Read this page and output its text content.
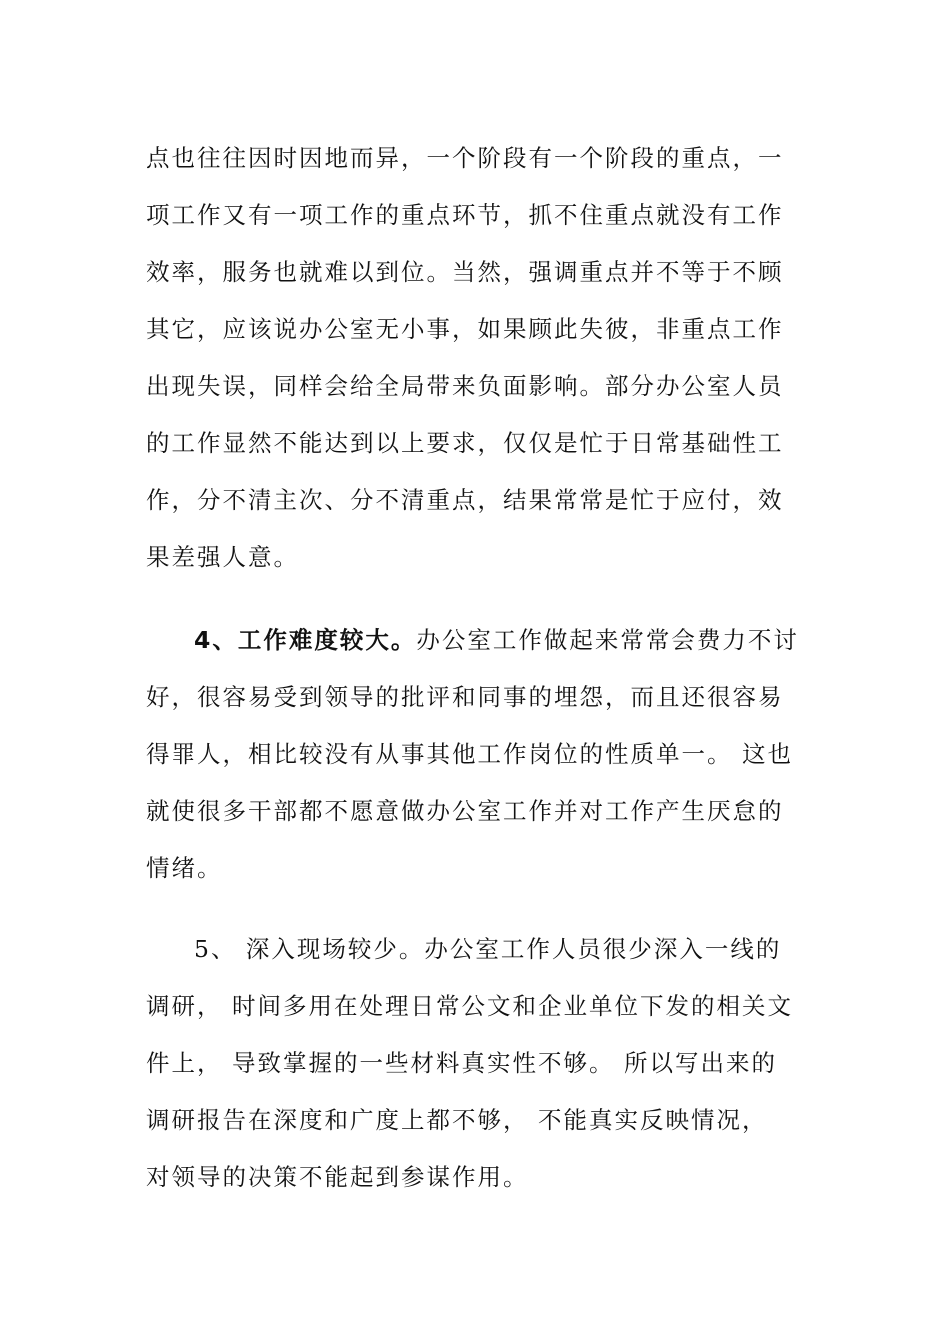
点也往往因时因地而异，一个阶段有一个阶段的重点，一
项工作又有一项工作的重点环节，抓不住重点就没有工作
效率，服务也就难以到位。当然，强调重点并不等于不顾
其它，应该说办公室无小事，如果顾此失彼，非重点工作
出现失误，同样会给全局带来负面影响。部分办公室人员
的工作显然不能达到以上要求，仅仅是忙于日常基础性工
作，分不清主次、分不清重点，结果常常是忙于应付，效
果差强人意。
4、工作难度较大。办公室工作做起来常常会费力不讨
好，很容易受到领导的批评和同事的埋怨，而且还很容易
得罪人，相比较没有从事其他工作岗位的性质单一。 这也
就使很多干部都不愿意做办公室工作并对工作产生厌怠的
情绪。
5、 深入现场较少。办公室工作人员很少深入一线的
调研， 时间多用在处理日常公文和企业单位下发的相关文
件上， 导致掌握的一些材料真实性不够。 所以写出来的
调研报告在深度和广度上都不够， 不能真实反映情况，
对领导的决策不能起到参谋作用。
